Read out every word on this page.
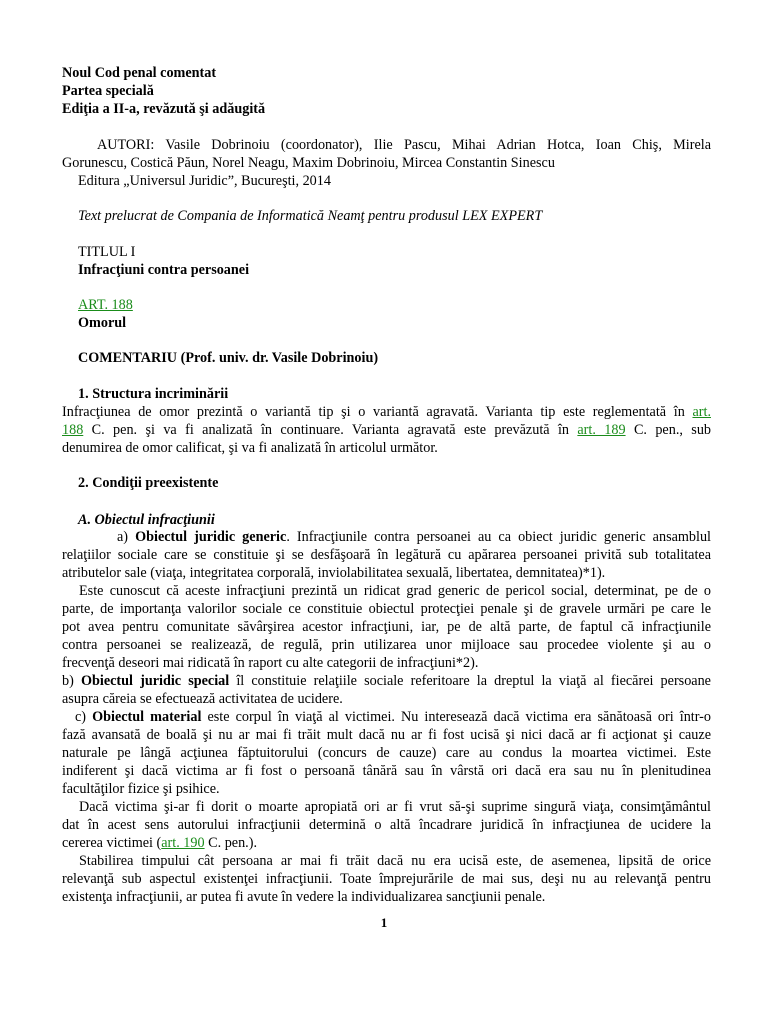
Noul Cod penal comentat

Partea specială

Ediţia a II-a, revăzută şi adăugită

AUTORI: Vasile Dobrinoiu (coordonator), Ilie Pascu, Mihai Adrian Hotca, Ioan Chiş, Mirela

Gorunescu, Costică Păun, Norel Neagu, Maxim Dobrinoiu, Mircea Constantin Sinescu

Editura „Universul Juridic”, Bucureşti, 2014

Text prelucrat de Compania de Informatică Neamţ pentru produsul LEX EXPERT

TITLUL I

Infracţiuni contra persoanei

ART. 188

Omorul

COMENTARIU (Prof. univ. dr. Vasile Dobrinoiu)

1. Structura incriminării

Infracţiunea de omor prezintă o variantă tip şi o variantă agravată. Varianta tip este reglementată în art.

188 C. pen. şi va fi analizată în continuare. Varianta agravată este prevăzută în art. 189 C. pen., sub

denumirea de omor calificat, şi va fi analizată în articolul următor.

2. Condiţii preexistente

A. Obiectul infracţiunii

a) Obiectul juridic generic. Infracţiunile contra persoanei au ca obiect juridic generic ansamblul

relaţiilor sociale care se constituie şi se desfăşoară în legătură cu apărarea persoanei privită sub totalitatea

atributelor sale (viaţa, integritatea corporală, inviolabilitatea sexuală, libertatea, demnitatea)*1).

Este cunoscut că aceste infracţiuni prezintă un ridicat grad generic de pericol social, determinat, pe de o

parte, de importanţa valorilor sociale ce constituie obiectul protecţiei penale şi de gravele urmări pe care le

pot avea pentru comunitate săvârşirea acestor infracţiuni, iar, pe de altă parte, de faptul că infracţiunile

contra persoanei se realizează, de regulă, prin utilizarea unor mijloace sau procedee violente şi au o

frecvenţă deseori mai ridicată în raport cu alte categorii de infracţiuni*2).

b) Obiectul juridic special îl constituie relaţiile sociale referitoare la dreptul la viaţă al fiecărei persoane

asupra căreia se efectuează activitatea de ucidere.

c) Obiectul material este corpul în viaţă al victimei. Nu interesează dacă victima era sănătoasă ori într-o

fază avansată de boală şi nu ar mai fi trăit mult dacă nu ar fi fost ucisă şi nici dacă ar fi acţionat şi cauze

naturale pe lângă acţiunea făptuitorului (concurs de cauze) care au condus la moartea victimei. Este

indiferent şi dacă victima ar fi fost o persoană tânără sau în vârstă ori dacă era sau nu în plenitudinea

facultăţilor fizice şi psihice.

Dacă victima şi-ar fi dorit o moarte apropiată ori ar fi vrut să-şi suprime singură viaţa, consimţământul

dat în acest sens autorului infracţiunii determină o altă încadrare juridică în infracţiunea de ucidere la

cererea victimei (art. 190 C. pen.).

Stabilirea timpului cât persoana ar mai fi trăit dacă nu era ucisă este, de asemenea, lipsită de orice

relevanţă sub aspectul existenţei infracţiunii. Toate împrejurările de mai sus, deşi nu au relevanţă pentru

existenţa infracţiunii, ar putea fi avute în vedere la individualizarea sancţiunii penale.

1
